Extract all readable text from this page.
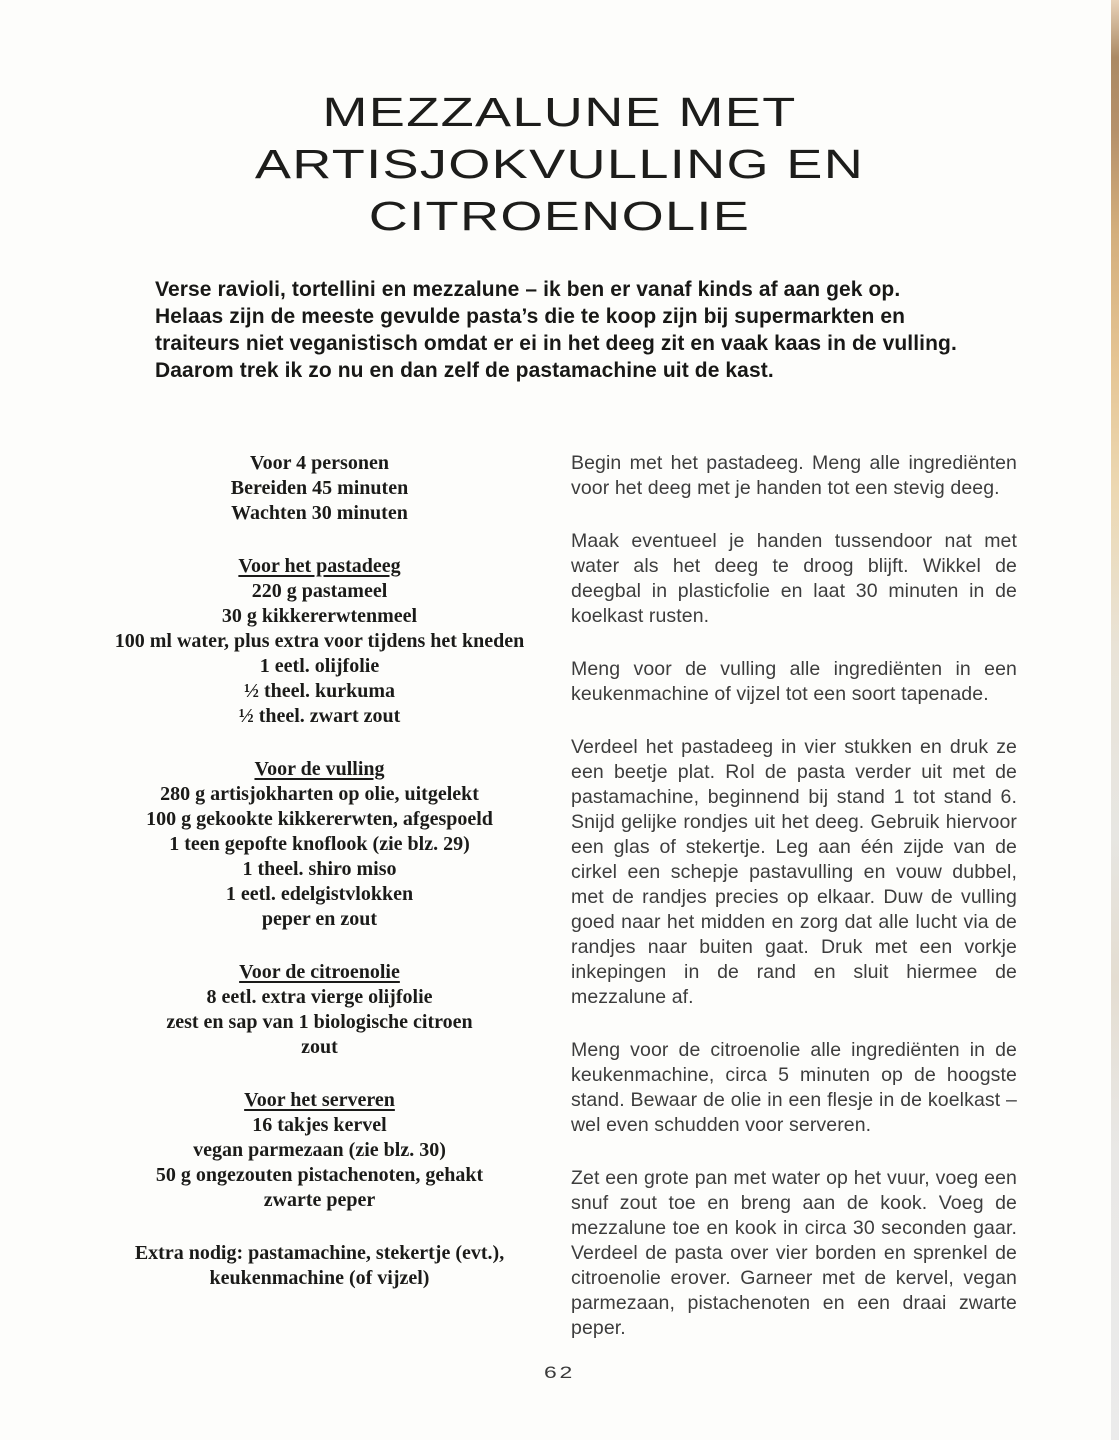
MEZZALUNE MET
ARTISJOKVULLING EN
CITROENOLIE

Verse ravioli, tortellini en mezzalune – ik ben er vanaf kinds af aan gek op. Helaas zijn de meeste gevulde pasta’s die te koop zijn bij supermarkten en traiteurs niet veganistisch omdat er ei in het deeg zit en vaak kaas in de vulling. Daarom trek ik zo nu en dan zelf de pastamachine uit de kast.

Voor 4 personen

Bereiden 45 minuten

Wachten 30 minuten

Voor het pastadeeg

220 g pastameel

30 g kikkererwtenmeel

100 ml water, plus extra voor tijdens het kneden

1 eetl. olijfolie

½ theel. kurkuma

½ theel. zwart zout

Voor de vulling

280 g artisjokharten op olie, uitgelekt

100 g gekookte kikkererwten, afgespoeld

1 teen gepofte knoflook (zie blz. 29)

1 theel. shiro miso

1 eetl. edelgistvlokken

peper en zout

Voor de citroenolie

8 eetl. extra vierge olijfolie

zest en sap van 1 biologische citroen

zout

Voor het serveren

16 takjes kervel

vegan parmezaan (zie blz. 30)

50 g ongezouten pistachenoten, gehakt

zwarte peper

Extra nodig: pastamachine, stekertje (evt.), keukenmachine (of vijzel)

Begin met het pastadeeg. Meng alle ingrediënten voor het deeg met je handen tot een stevig deeg.

Maak eventueel je handen tussendoor nat met water als het deeg te droog blijft. Wikkel de deegbal in plasticfolie en laat 30 minuten in de koelkast rusten.

Meng voor de vulling alle ingrediënten in een keukenmachine of vijzel tot een soort tapenade.

Verdeel het pastadeeg in vier stukken en druk ze een beetje plat. Rol de pasta verder uit met de pastamachine, beginnend bij stand 1 tot stand 6. Snijd gelijke rondjes uit het deeg. Gebruik hiervoor een glas of stekertje. Leg aan één zijde van de cirkel een schepje pastavulling en vouw dubbel, met de randjes precies op elkaar. Duw de vulling goed naar het midden en zorg dat alle lucht via de randjes naar buiten gaat. Druk met een vorkje inkepingen in de rand en sluit hiermee de mezzalune af.

Meng voor de citroenolie alle ingrediënten in de keukenmachine, circa 5 minuten op de hoogste stand. Bewaar de olie in een flesje in de koelkast – wel even schudden voor serveren.

Zet een grote pan met water op het vuur, voeg een snuf zout toe en breng aan de kook. Voeg de mezzalune toe en kook in circa 30 seconden gaar. Verdeel de pasta over vier borden en sprenkel de citroenolie erover. Garneer met de kervel, vegan parmezaan, pistachenoten en een draai zwarte peper.

62
